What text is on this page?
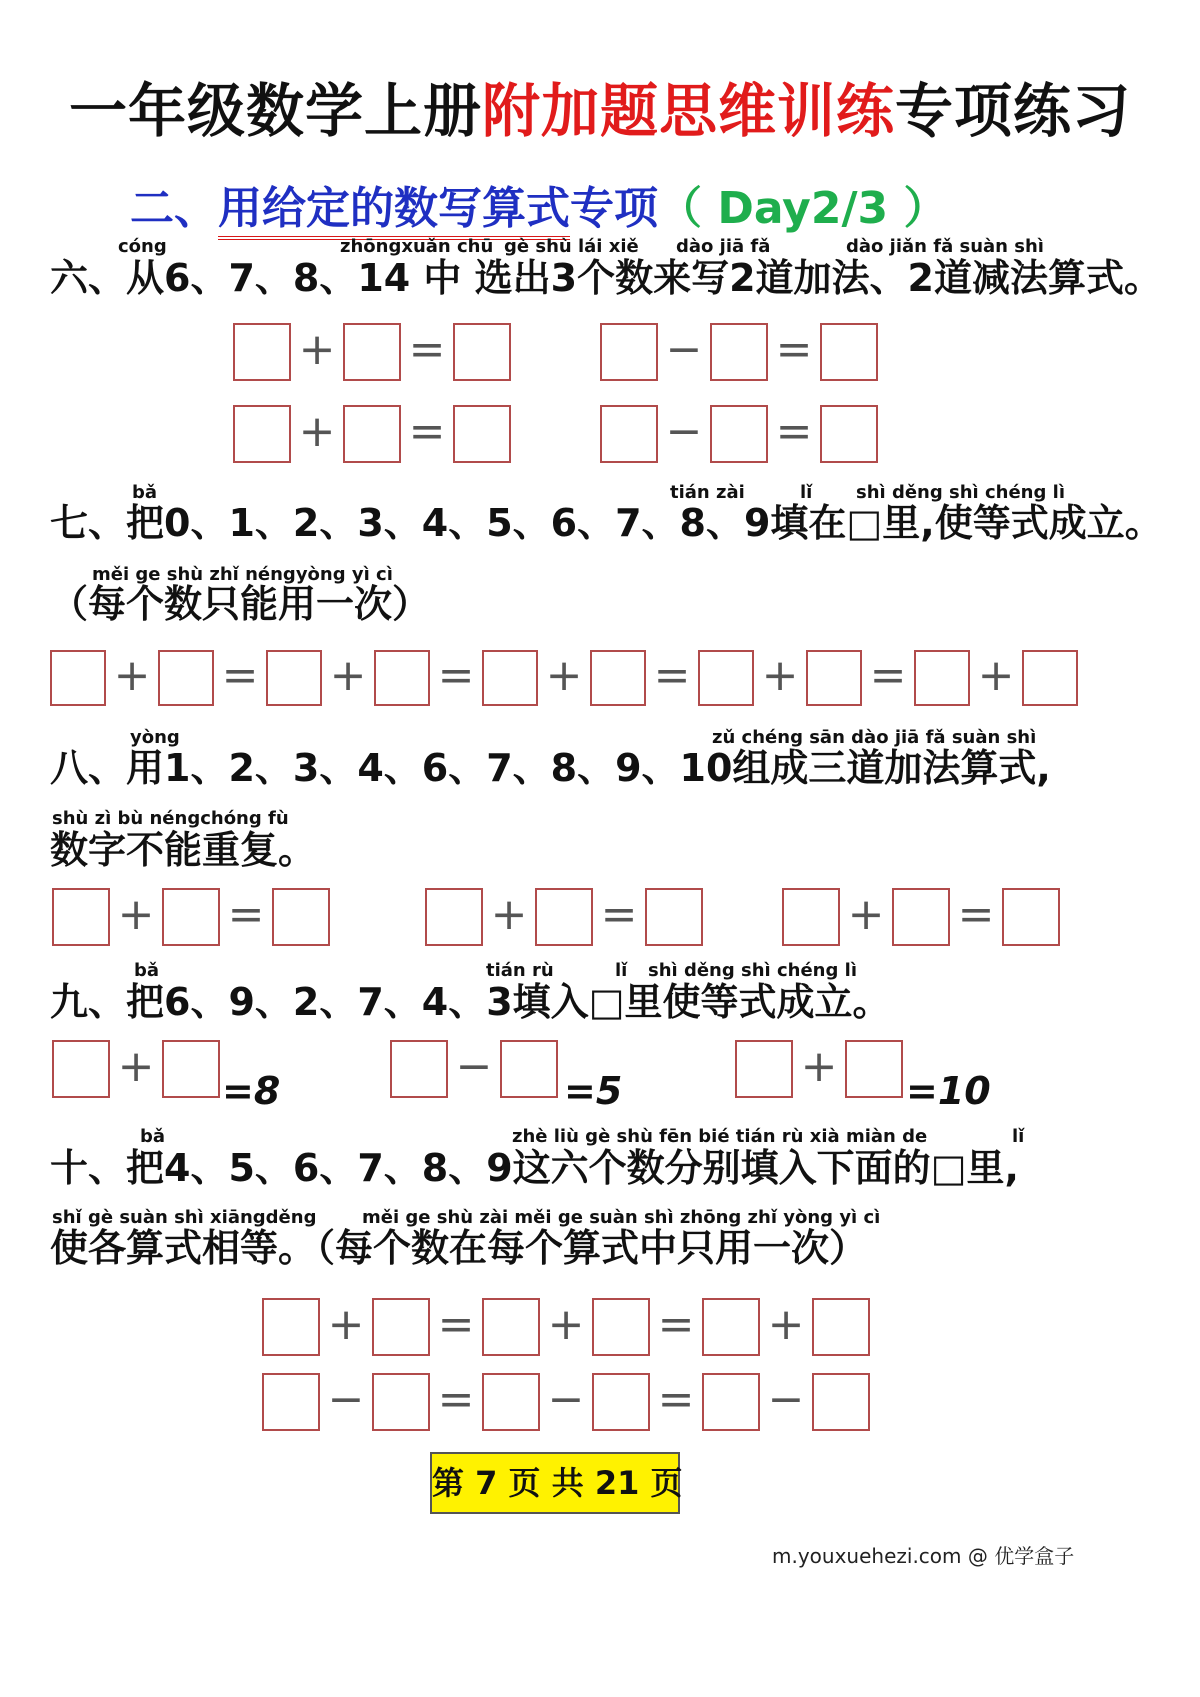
一年级数学上册附加题思维训练专项练习
二、用给定的数写算式专项（ Day2/3 ）
cóng	zhōngxuǎn chū gè shù lái xiě dào jiā fǎ	dào jiǎn fǎ suàn shì
六、从6、7、8、14 中 选出3个数来写2道加法、2道减法算式。
bǎ	tián zài	lǐ shì děng shì chéng lì
七、把0、1、2、3、4、5、6、7、8、9填在□里,使等式成立。
měi ge shù zhǐ néngyòng yì cì
（每个数只能用一次）
yòng	zǔ chéng sān dào jiā fǎ suàn shì
八、用1、2、3、4、6、7、8、9、10组成三道加法算式,
shù zì bù néngchóng fù
数字不能重复。
bǎ	tián rù	lǐ shì děng shì chéng lì
九、把6、9、2、7、4、3填入□里使等式成立。
bǎ	zhè liù gè shù fēn bié tián rù xià miàn de	lǐ
十、把4、5、6、7、8、9这六个数分别填入下面的□里,
shǐ gè suàn shì xiāngděng	měi ge shù zài měi ge suàn shì zhōng zhǐ yòng yì cì
使各算式相等。（每个数在每个算式中只用一次）
+ =	− =
+ =	− =
+ = + = + = + = +
+ =	+ =	+ =
+	−	+
=8	=5	=10
+ = + = +
− = − = −
第 7 页 共 21 页
m.youxuehezi.com @ 优学盒子
